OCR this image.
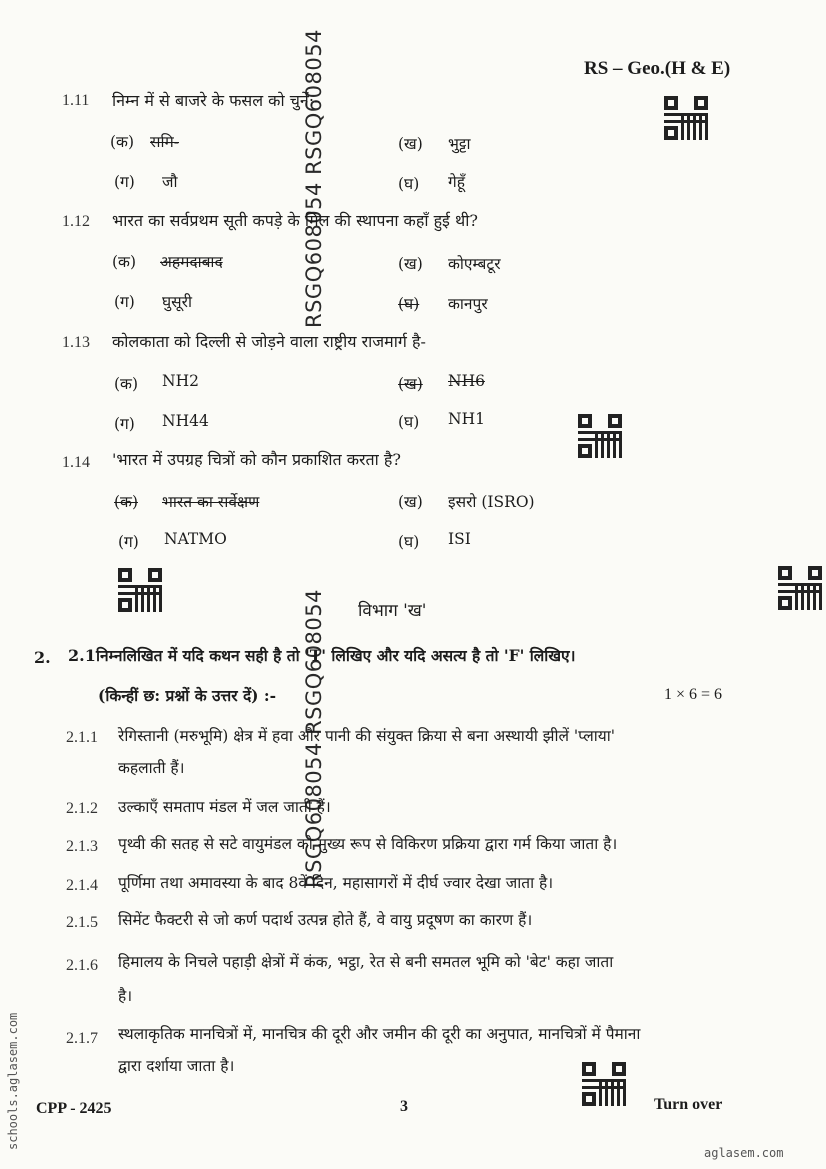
RS – Geo.(H & E)
RSGQ608054 RSGQ608054
RSGQ608054 RSGQ608054
1.11 निम्न में से बाजरे के फसल को चुनें:-
(क) समि-	(ख) भुट्टा
(ग) जौ	(घ) गेहूँ
1.12 भारत का सर्वप्रथम सूती कपड़े के मिल की स्थापना कहाँ हुई थी?
(क) अहमदाबाद	(ख) कोएम्बटूर
(ग) घुसूरी	(घ) कानपुर
1.13 कोलकाता को दिल्ली से जोड़ने वाला राष्ट्रीय राजमार्ग है-
(क) NH2	(ख) NH6
(ग) NH44	(घ) NH1
1.14 'भारत में उपग्रह चित्रों को कौन प्रकाशित करता है?
(क) भारत का सर्वेक्षण	(ख) इसरो (ISRO)
(ग) NATMO	(घ) ISI
विभाग 'ख'
2. 2.1 निम्नलिखित में यदि कथन सही है तो 'T' लिखिए और यदि असत्य है तो 'F' लिखिए।
(किन्हीं छ: प्रश्नों के उत्तर दें) :-	1 × 6 = 6
2.1.1 रेगिस्तानी (मरुभूमि) क्षेत्र में हवा और पानी की संयुक्त क्रिया से बना अस्थायी झीलें 'प्लाया'
कहलाती हैं।
2.1.2 उल्काएँ समताप मंडल में जल जाती हैं।
2.1.3 पृथ्वी की सतह से सटे वायुमंडल को मुख्य रूप से विकिरण प्रक्रिया द्वारा गर्म किया जाता है।
2.1.4 पूर्णिमा तथा अमावस्या के बाद 8वें दिन, महासागरों में दीर्घ ज्वार देखा जाता है।
2.1.5 सिमेंट फैक्टरी से जो कर्ण पदार्थ उत्पन्न होते हैं, वे वायु प्रदूषण का कारण हैं।
2.1.6 हिमालय के निचले पहाड़ी क्षेत्रों में कंक, भट्ठा, रेत से बनी समतल भूमि को 'बेट' कहा जाता
है।
2.1.7 स्थलाकृतिक मानचित्रों में, मानचित्र की दूरी और जमीन की दूरी का अनुपात, मानचित्रों में पैमाना
द्वारा दर्शाया जाता है।
CPP - 2425	3	Turn over
schools.aglasem.com
aglasem.com
